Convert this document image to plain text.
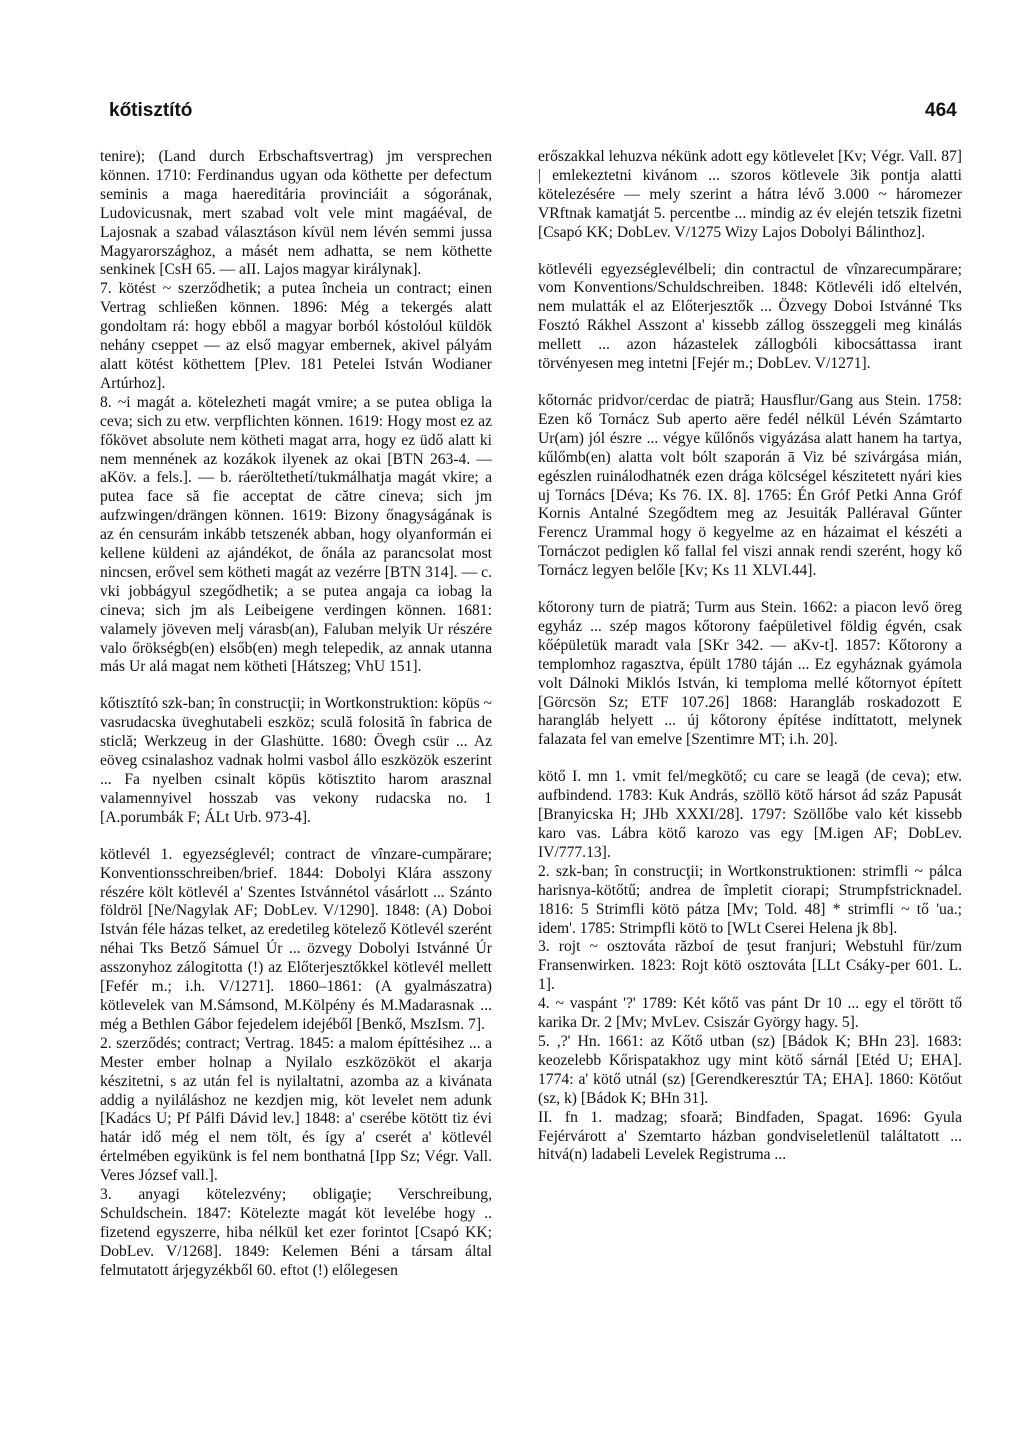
kőtisztító	464

tenire); (Land durch Erbschaftsvertrag) jm versprechen können. 1710: Ferdinandus ugyan oda köthette per defectum seminis a maga haereditária provinciáit a sógorának, Ludovicusnak, mert szabad volt vele mint magáéval, de Lajosnak a szabad választáson kívül nem lévén semmi jussa Magyarországhoz, a másét nem adhatta, se nem köthette senkinek [CsH 65. — aII. Lajos magyar királynak].

7. kötést ~ szerződhetik; a putea încheia un contract; einen Vertrag schließen können. 1896: Még a tekergés alatt gondoltam rá: hogy ebből a magyar borból kóstolóul küldök nehány cseppet — az első magyar embernek, akivel pályám alatt kötést köthettem [Plev. 181 Petelei István Wodianer Artúrhoz].

8. ~i magát a. kötelezheti magát vmire; a se putea obliga la ceva; sich zu etw. verpflichten können. 1619: Hogy most ez az főkövet absolute nem kötheti magat arra, hogy ez üdő alatt ki nem mennének az kozákok ilyenek az okai [BTN 263-4. — aKöv. a fels.]. — b. ráeröltethetí/tukmálhatja magát vkire; a putea face să fie acceptat de către cineva; sich jm aufzwingen/drängen können. 1619: Bizony őnagyságának is az én censurám inkább tetszenék abban, hogy olyanformán ei kellene küldeni az ajándékot, de őnála az parancsolat most nincsen, erővel sem kötheti magát az vezérre [BTN 314]. — c. vki jobbágyul szegődhetik; a se putea angaja ca iobag la cineva; sich jm als Leibeigene verdingen können. 1681: valamely jöveven melj várasb(an), Faluban melyik Ur részére valo őrökségb(en) elsőb(en) megh telepedik, az annak utanna más Ur alá magat nem kötheti [Hátszeg; VhU 151].

kőtisztító szk-ban; în construcţii; in Wortkonstruktion: köpüs ~ vasrudacska üveghutabeli eszköz; sculă folosită în fabrica de sticlă; Werkzeug in der Glashütte. 1680: Övegh csür ... Az eöveg csinalashoz vadnak holmi vasbol állo eszközök eszerint ... Fa nyelben csinalt köpüs kötisztito harom arasznal valamennyivel hosszab vas vekony rudacska no. 1 [A.porumbák F; ÁLt Urb. 973-4].

kötlevél 1. egyezséglevél; contract de vînzare-cumpărare; Konventionsschreiben/brief. 1844: Dobolyi Klára asszony részére költ kötlevél a' Szentes Istvánnétol vásárlott ... Szánto földröl [Ne/Nagylak AF; DobLev. V/1290]. 1848: (A) Doboi István féle házas telket, az eredetileg kötelező Kötlevél szerént néhai Tks Betző Sámuel Úr ... özvegy Dobolyi Istvánné Úr asszonyhoz zálogitotta (!) az Előterjesztőkkel kötlevél mellett [Fefér m.; i.h. V/1271]. 1860–1861: (A gyalmászatra) kötlevelek van M.Sámsond, M.Kölpény és M.Madarasnak ... még a Bethlen Gábor fejedelem idejéből [Benkő, MszIsm. 7].

2. szerződés; contract; Vertrag. 1845: a malom építtésihez ... a Mester ember holnap a Nyilalo eszközököt el akarja készitetni, s az után fel is nyilaltatni, azomba az a kivánata addig a nyiláláshoz ne kezdjen mig, köt levelet nem adunk [Kadács U; Pf Pálfi Dávid lev.] 1848: a' cserébe kötött tiz évi határ idő még el nem tölt, és így a' cserét a' kötlevél értelmében egyikünk is fel nem bonthatná [Ipp Sz; Végr. Vall. Veres József vall.].

3. anyagi kötelezvény; obligaţie; Verschreibung, Schuldschein. 1847: Kötelezte magát köt levelébe hogy .. fizetend egyszerre, hiba nélkül ket ezer forintot [Csapó KK; DobLev. V/1268]. 1849: Kelemen Béni a társam által felmutatott árjegyzékből 60. eftot (!) előlegesen

erőszakkal lehuzva nékünk adott egy kötlevelet [Kv; Végr. Vall. 87] | emlekeztetni kivánom ... szoros kötlevele 3ik pontja alatti kötelezésére — mely szerint a hátra lévő 3.000 ~ háromezer VRftnak kamatját 5. percentbe ... mindig az év elején tetszik fizetni [Csapó KK; DobLev. V/1275 Wizy Lajos Dobolyi Bálinthoz].

kötlevéli egyezséglevélbeli; din contractul de vînzarecumpărare; vom Konventions/Schuldschreiben. 1848: Kötlevéli idő eltelvén, nem mulatták el az Előterjesztők ... Özvegy Doboi Istvánné Tks Fosztó Rákhel Asszont a' kissebb zállog összeggeli meg kinálás mellett ... azon házastelek zállogbóli kibocsáttassa irant törvényesen meg intetni [Fejér m.; DobLev. V/1271].

kőtornác pridvor/cerdac de piatră; Hausflur/Gang aus Stein. 1758: Ezen kő Tornácz Sub aperto aëre fedél nélkül Lévén Számtarto Ur(am) jól észre ... végye kűlőnős vigyázása alatt hanem ha tartya, kűlőmb(en) alatta volt bólt szaporán ā Viz bé szivárgása mián, egészlen ruinálodhatnék ezen drága kölcségel készitetett nyári kies uj Tornács [Déva; Ks 76. IX. 8]. 1765: Én Gróf Petki Anna Gróf Kornis Antalné Szegődtem meg az Jesuiták Palléraval Gűnter Ferencz Urammal hogy ö kegyelme az en házaimat el készéti a Tornáczot pediglen kő fallal fel viszi annak rendi szerént, hogy kő Tornácz legyen belőle [Kv; Ks 11 XLVI.44].

kőtorony turn de piatră; Turm aus Stein. 1662: a piacon levő öreg egyház ... szép magos kőtorony faépületivel földig égvén, csak kőépületük maradt vala [SKr 342. — aKv-t]. 1857: Kőtorony a templomhoz ragasztva, épült 1780 táján ... Ez egyháznak gyámola volt Dálnoki Miklós István, ki temploma mellé kőtornyot épített [Görcsön Sz; ETF 107.26] 1868: Harangláb roskadozott E harangláb helyett ... új kőtorony építése indíttatott, melynek falazata fel van emelve [Szentimre MT; i.h. 20].

kötő I. mn 1. vmit fel/megkötő; cu care se leagă (de ceva); etw. aufbindend. 1783: Kuk András, szöllö kötő hársot ád száz Papusát [Branyicska H; JHb XXXI/28]. 1797: Szöllőbe valo két kissebb karo vas. Lábra kötő karozo vas egy [M.igen AF; DobLev. IV/777.13].

2. szk-ban; în construcţii; in Wortkonstruktionen: strimfli ~ pálca harisnya-kötőtű; andrea de împletit ciorapi; Strumpfstricknadel. 1816: 5 Strimfli kötö pátza [Mv; Told. 48] * strimfli ~ tő 'ua.; idem'. 1785: Strimpfli kötö to [WLt Cserei Helena jk 8b].

3. rojt ~ osztováta războí de ţesut franjuri; Webstuhl für/zum Fransenwirken. 1823: Rojt kötö osztováta [LLt Csáky-per 601. L. 1].

4. ~ vaspánt '?' 1789: Két kőtő vas pánt Dr 10 ... egy el törött tő karika Dr. 2 [Mv; MvLev. Csiszár György hagy. 5].

5. ,?' Hn. 1661: az Kőtő utban (sz) [Bádok K; BHn 23]. 1683: keozelebb Kőrispatakhoz ugy mint kötő sárnál [Etéd U; EHA]. 1774: a' kötő utnál (sz) [Gerendkeresztúr TA; EHA]. 1860: Kötőut (sz, k) [Bádok K; BHn 31].

II. fn 1. madzag; sfoară; Bindfaden, Spagat. 1696: Gyula Fejérvárott a' Szemtarto házban gondviseletlenül találtatott ... hitvá(n) ladabeli Levelek Registruma ...
